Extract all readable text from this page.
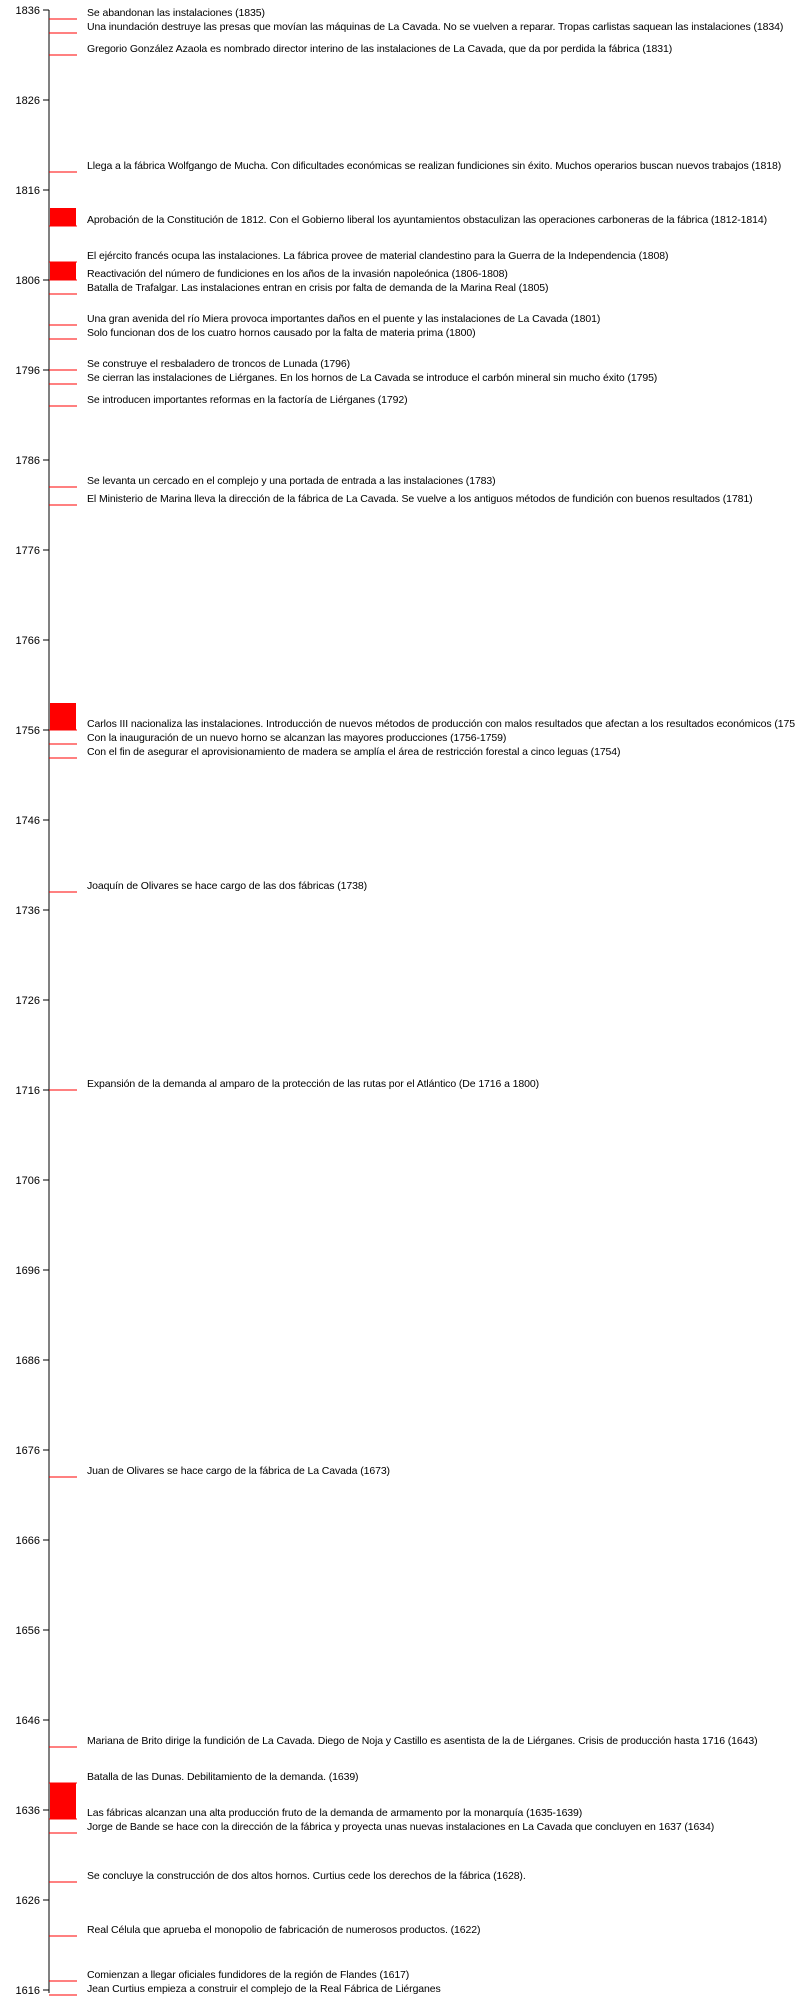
1616
1626
1636
1646
1656
1666
1676
1686
1696
1706
1716
1726
1736
1746
1756
1766
1776
1786
1796
1806
1816
1826
1836	Se abandonan las instalaciones (1835)
Una inundación destruye las presas que movían las máquinas de La Cavada. No se vuelven a reparar. Tropas carlistas saquean las instalaciones (1834)
Gregorio González Azaola es nombrado director interino de las instalaciones de La Cavada, que da por perdida la fábrica (1831)
Llega a la fábrica Wolfgango de Mucha. Con dificultades económicas se realizan fundiciones sin éxito. Muchos operarios buscan nuevos trabajos (1818)
Aprobación de la Constitución de 1812. Con el Gobierno liberal los ayuntamientos obstaculizan las operaciones carboneras de la fábrica (1812-1814)
El ejército francés ocupa las instalaciones. La fábrica provee de material clandestino para la Guerra de la Independencia (1808)
Reactivación del número de fundiciones en los años de la invasión napoleónica (1806-1808)
Batalla de Trafalgar. Las instalaciones entran en crisis por falta de demanda de la Marina Real (1805)
Una gran avenida del río Miera provoca importantes daños en el puente y las instalaciones de La Cavada (1801)
Solo funcionan dos de los cuatro hornos causado por la falta de materia prima (1800)
Se construye el resbaladero de troncos de Lunada (1796)
Se cierran las instalaciones de Liérganes. En los hornos de La Cavada se introduce el carbón mineral sin mucho éxito (1795)
Se introducen importantes reformas en la factoría de Liérganes (1792)
Se levanta un cercado en el complejo y una portada de entrada a las instalaciones (1783)
El Ministerio de Marina lleva la dirección de la fábrica de La Cavada. Se vuelve a los antiguos métodos de fundición con buenos resultados (1781)
Carlos III nacionaliza las instalaciones. Introducción de nuevos métodos de producción con malos resultados que afectan a los resultados económicos (175
Con la inauguración de un nuevo horno se alcanzan las mayores producciones (1756-1759)
Con el fin de asegurar el aprovisionamiento de madera se amplía el área de restricción forestal a cinco leguas (1754)
Joaquín de Olivares se hace cargo de las dos fábricas (1738)
Expansión de la demanda al amparo de la protección de las rutas por el Atlántico (De 1716 a 1800)
Juan de Olivares se hace cargo de la fábrica de La Cavada (1673)
Mariana de Brito dirige la fundición de La Cavada. Diego de Noja y Castillo es asentista de la de Liérganes. Crisis de producción hasta 1716 (1643)
Batalla de las Dunas. Debilitamiento de la demanda. (1639)
Las fábricas alcanzan una alta producción fruto de la demanda de armamento por la monarquía (1635-1639)
Jorge de Bande se hace con la dirección de la fábrica y proyecta unas nuevas instalaciones en La Cavada que concluyen en 1637 (1634)
Se concluye la construcción de dos altos hornos. Curtius cede los derechos de la fábrica (1628).
Real Célula que aprueba el monopolio de fabricación de numerosos productos. (1622)
Comienzan a llegar oficiales fundidores de la región de Flandes (1617)
Jean Curtius empieza a construir el complejo de la Real Fábrica de Liérganes
